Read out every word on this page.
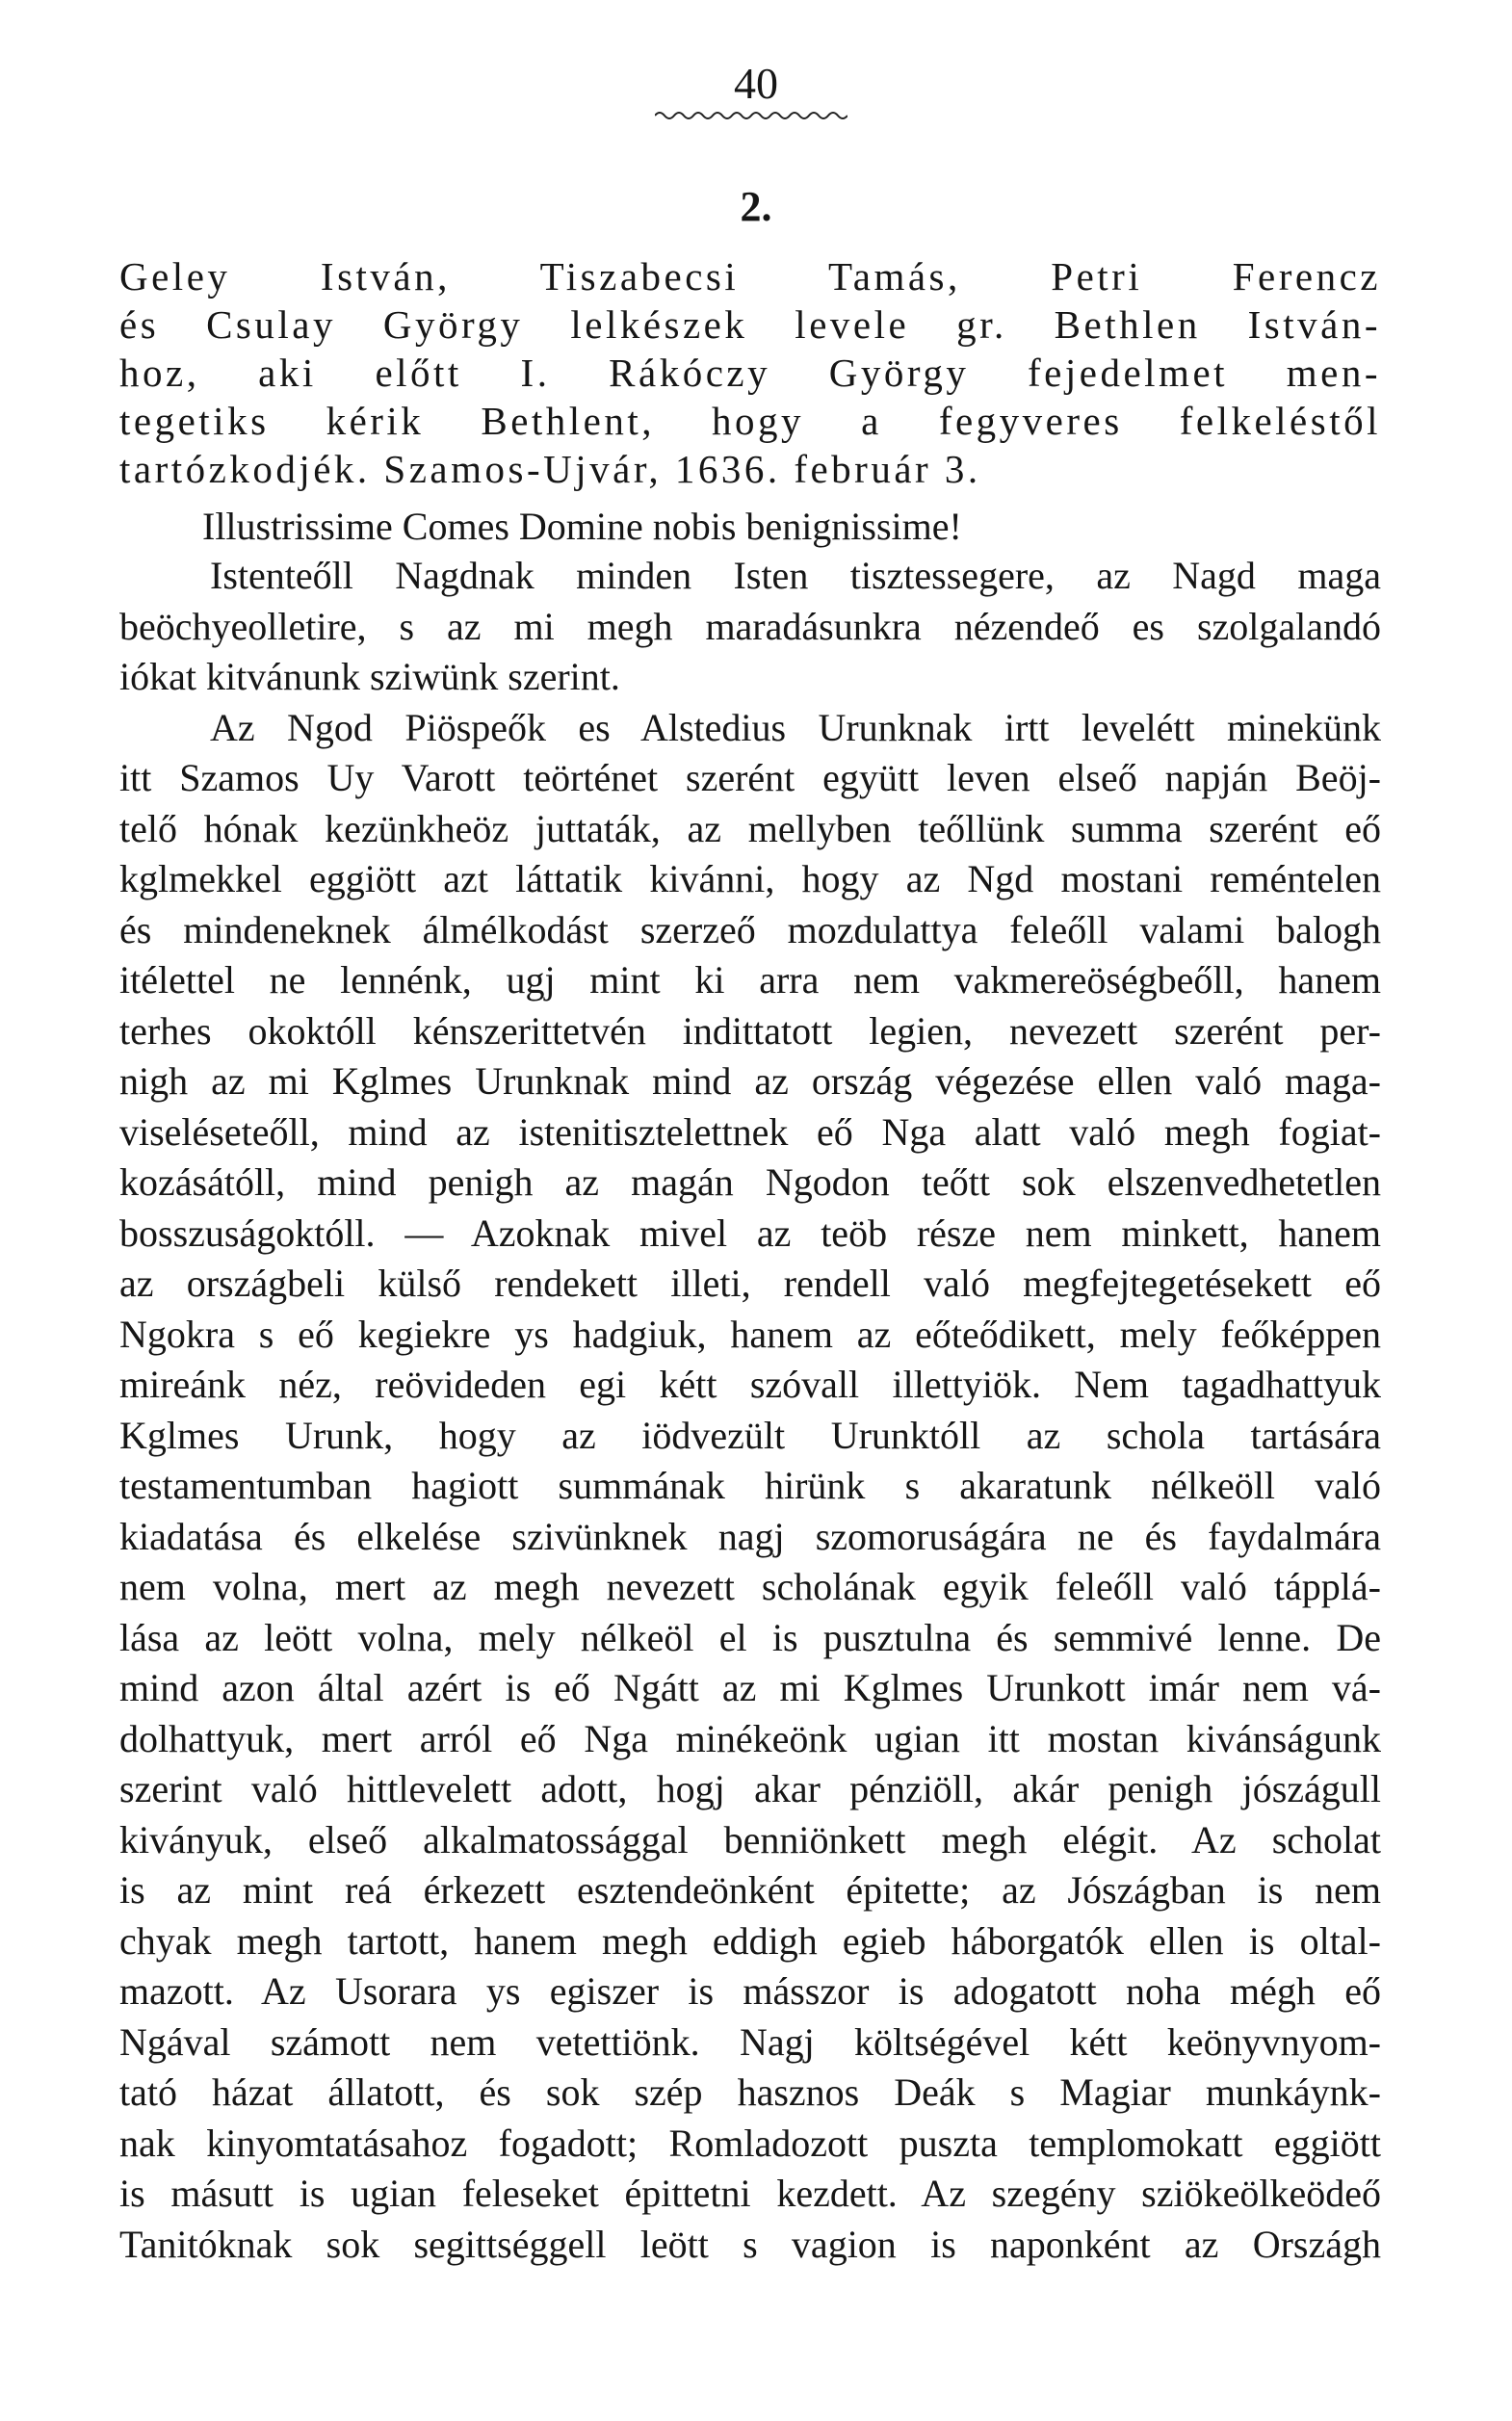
40
2.
Geley István, Tiszabecsi Tamás, Petri Ferencz
és Csulay György lelkészek levele gr. Bethlen István-
hoz, aki előtt I. Rákóczy György fejedelmet men-
tegetiks kérik Bethlent, hogy a fegyveres felkeléstől
tartózkodjék. Szamos-Ujvár, 1636. február 3.
Illustrissime Comes Domine nobis benignissime!
Istenteőll Nagdnak minden Isten tisztessegere, az Nagd maga
beöchyeolletire, s az mi megh maradásunkra nézendeő es szolgalandó
iókat kitvánunk sziwünk szerint.
Az Ngod Piöspeők es Alstedius Urunknak irtt levelétt minekünk
itt Szamos Uy Varott teörténet szerént együtt leven elseő napján Beöj-
telő hónak kezünkheöz juttaták, az mellyben teőllünk summa szerént eő
kglmekkel eggiött azt láttatik kivánni, hogy az Ngd mostani reméntelen
és mindeneknek álmélkodást szerzeő mozdulattya feleőll valami balogh
itélettel ne lennénk, ugj mint ki arra nem vakmereöségbeőll, hanem
terhes okoktóll kénszerittetvén indittatott legien, nevezett szerént per-
nigh az mi Kglmes Urunknak mind az ország végezése ellen való maga-
viseléseteőll, mind az istenitisztelettnek eő Nga alatt való megh fogiat-
kozásátóll, mind penigh az magán Ngodon teőtt sok elszenvedhetetlen
bosszuságoktóll. — Azoknak mivel az teöb része nem minkett, hanem
az országbeli külső rendekett illeti, rendell való megfejtegetésekett eő
Ngokra s eő kegiekre ys hadgiuk, hanem az eőteődikett, mely feőképpen
mireánk néz, reövideden egi kétt szóvall illettyiök. Nem tagadhattyuk
Kglmes Urunk, hogy az iödvezült Urunktóll az schola tartására
testamentumban hagiott summának hirünk s akaratunk nélkeöll való
kiadatása és elkelése szivünknek nagj szomoruságára ne és faydalmára
nem volna, mert az megh nevezett scholának egyik feleőll való tápplá-
lása az leött volna, mely nélkeöl el is pusztulna és semmivé lenne. De
mind azon által azért is eő Ngátt az mi Kglmes Urunkott imár nem vá-
dolhattyuk, mert arról eő Nga minékeönk ugian itt mostan kivánságunk
szerint való hittlevelett adott, hogj akar pénziöll, akár penigh jószágull
kiványuk, elseő alkalmatossággal benniönkett megh elégit. Az scholat
is az mint reá érkezett esztendeönként épitette; az Jószágban is nem
chyak megh tartott, hanem megh eddigh egieb háborgatók ellen is oltal-
mazott. Az Usorara ys egiszer is másszor is adogatott noha mégh eő
Ngával számott nem vetettiönk. Nagj költségével kétt keönyvnyom-
tató házat állatott, és sok szép hasznos Deák s Magiar munkáynk-
nak kinyomtatásahoz fogadott; Romladozott puszta templomokatt eggiött
is másutt is ugian feleseket épittetni kezdett. Az szegény sziökeölkeödeő
Tanitóknak sok segittséggell leött s vagion is naponként az Országh
